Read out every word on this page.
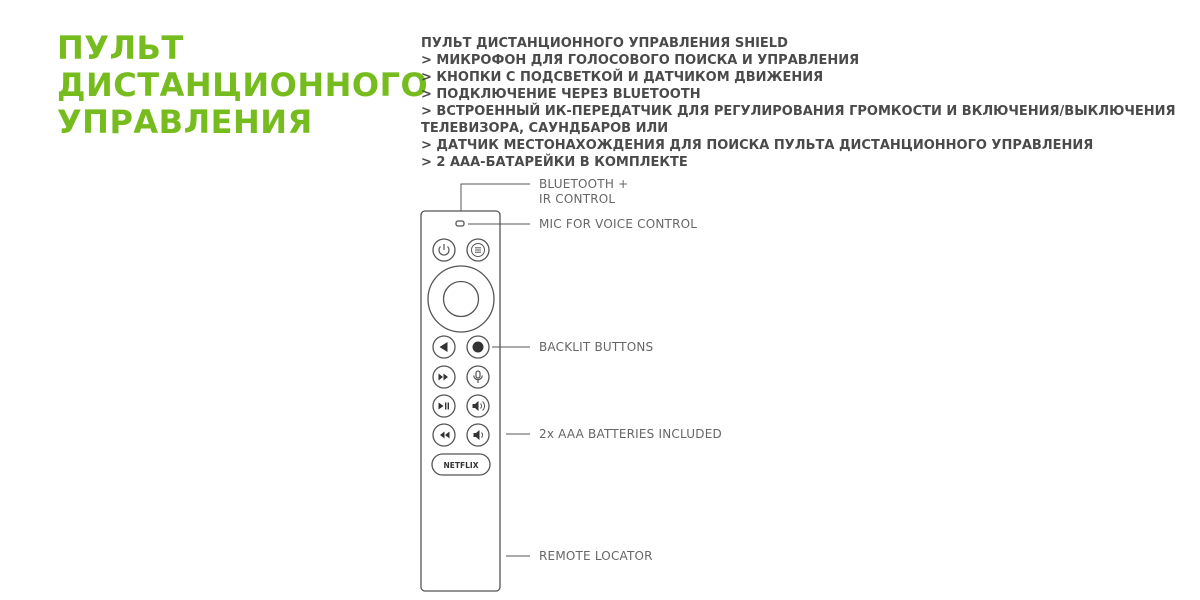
ПУЛЬТ
ДИСТАНЦИОННОГО
УПРАВЛЕНИЯ
ПУЛЬТ ДИСТАНЦИОННОГО УПРАВЛЕНИЯ SHIELD
> МИКРОФОН ДЛЯ ГОЛОСОВОГО ПОИСКА И УПРАВЛЕНИЯ
> КНОПКИ С ПОДСВЕТКОЙ И ДАТЧИКОМ ДВИЖЕНИЯ
> ПОДКЛЮЧЕНИЕ ЧЕРЕЗ BLUETOOTH
> ВСТРОЕННЫЙ ИК-ПЕРЕДАТЧИК ДЛЯ РЕГУЛИРОВАНИЯ ГРОМКОСТИ И ВКЛЮЧЕНИЯ/ВЫКЛЮЧЕНИЯ ТЕЛЕВИЗОРА, САУНДБАРОВ ИЛИ
> ДАТЧИК МЕСТОНАХОЖДЕНИЯ ДЛЯ ПОИСКА ПУЛЬТА ДИСТАНЦИОННОГО УПРАВЛЕНИЯ
> 2 AAA-БАТАРЕЙКИ В КОМПЛЕКТЕ
NETFLIX
BLUETOOTH +
IR CONTROL
MIC FOR VOICE CONTROL
BACKLIT BUTTONS
2x AAA BATTERIES INCLUDED
REMOTE LOCATOR
